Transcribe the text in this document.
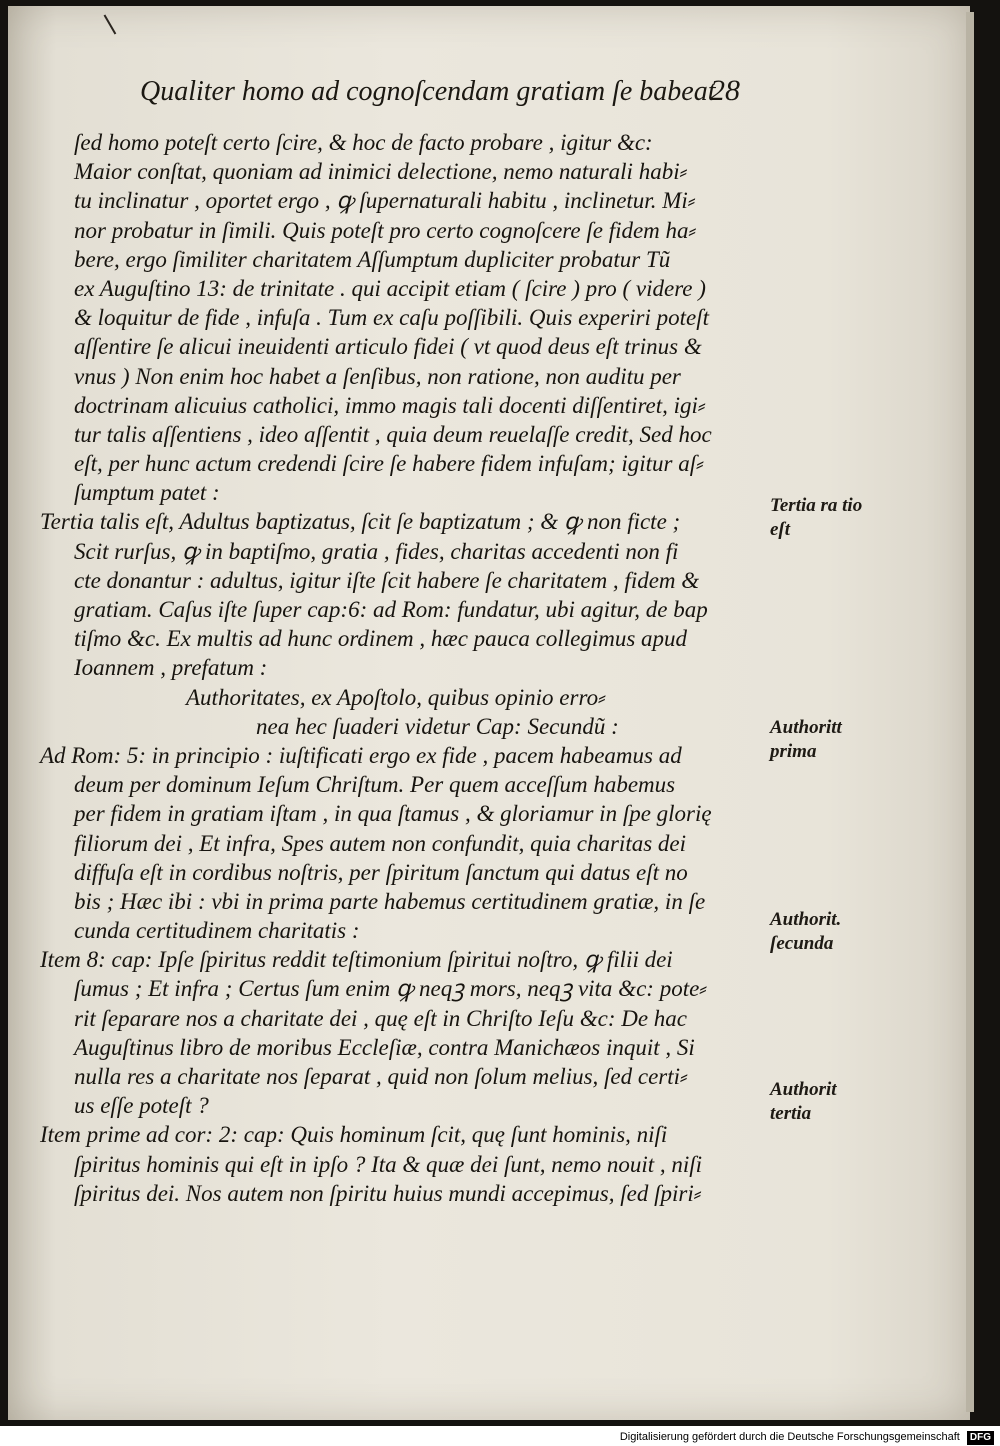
Qualiter homo ad cognoſcendam gratiam ſe babeat
28
ſed homo poteſt certo ſcire, & hoc de facto probare , igitur &c:
Maior conſtat, quoniam ad inimici delectione, nemo naturali habi⸗
tu inclinatur , oportet ergo , ꝙ ſupernaturali habitu , inclinetur. Mi⸗
nor probatur in ſimili. Quis poteſt pro certo cognoſcere ſe fidem ha⸗
bere, ergo ſimiliter charitatem Aſſumptum dupliciter probatur Tũ
ex Auguſtino 13: de trinitate . qui accipit etiam ( ſcire ) pro ( videre )
& loquitur de fide , infuſa . Tum ex caſu poſſibili. Quis experiri poteſt
aſſentire ſe alicui ineuidenti articulo fidei ( vt quod deus eſt trinus &
vnus ) Non enim hoc habet a ſenſibus, non ratione, non auditu per
doctrinam alicuius catholici, immo magis tali docenti diſſentiret, igi⸗
tur talis aſſentiens , ideo aſſentit , quia deum reuelaſſe credit, Sed hoc
eſt, per hunc actum credendi ſcire ſe habere fidem infuſam; igitur aſ⸗
ſumptum patet :
Tertia talis eſt, Adultus baptizatus, ſcit ſe baptizatum ; & ꝙ non ficte ;
Scit rurſus, ꝙ in baptiſmo, gratia , fides, charitas accedenti non fi
cte donantur : adultus, igitur iſte ſcit habere ſe charitatem , fidem &
gratiam. Caſus iſte ſuper cap:6: ad Rom: fundatur, ubi agitur, de bap
tiſmo &c. Ex multis ad hunc ordinem , hæc pauca collegimus apud
Ioannem , prefatum :
Authoritates, ex Apoſtolo, quibus opinio erro⸗
nea hec ſuaderi videtur Cap: Secundũ :
Ad Rom: 5: in principio : iuſtificati ergo ex fide , pacem habeamus ad
deum per dominum Ieſum Chriſtum. Per quem acceſſum habemus
per fidem in gratiam iſtam , in qua ſtamus , & gloriamur in ſpe glorię
filiorum dei , Et infra, Spes autem non confundit, quia charitas dei
diffuſa eſt in cordibus noſtris, per ſpiritum ſanctum qui datus eſt no
bis ; Hæc ibi : vbi in prima parte habemus certitudinem gratiæ, in ſe
cunda certitudinem charitatis :
Item 8: cap: Ipſe ſpiritus reddit teſtimonium ſpiritui noſtro, ꝙ filii dei
ſumus ; Et infra ; Certus ſum enim ꝙ neqꝫ mors, neqꝫ vita &c: pote⸗
rit ſeparare nos a charitate dei , quę eſt in Chriſto Ieſu &c: De hac
Auguſtinus libro de moribus Eccleſiæ, contra Manichæos inquit , Si
nulla res a charitate nos ſeparat , quid non ſolum melius, ſed certi⸗
us eſſe poteſt ?
Item prime ad cor: 2: cap: Quis hominum ſcit, quę ſunt hominis, niſi
ſpiritus hominis qui eſt in ipſo ? Ita & quæ dei ſunt, nemo nouit , niſi
ſpiritus dei. Nos autem non ſpiritu huius mundi accepimus, ſed ſpiri⸗
Tertia ra tio eſt
Authoritt prima
Authorit. ſecunda
Authorit tertia
Digitalisierung gefördert durch die Deutsche Forschungsgemeinschaft DFG
